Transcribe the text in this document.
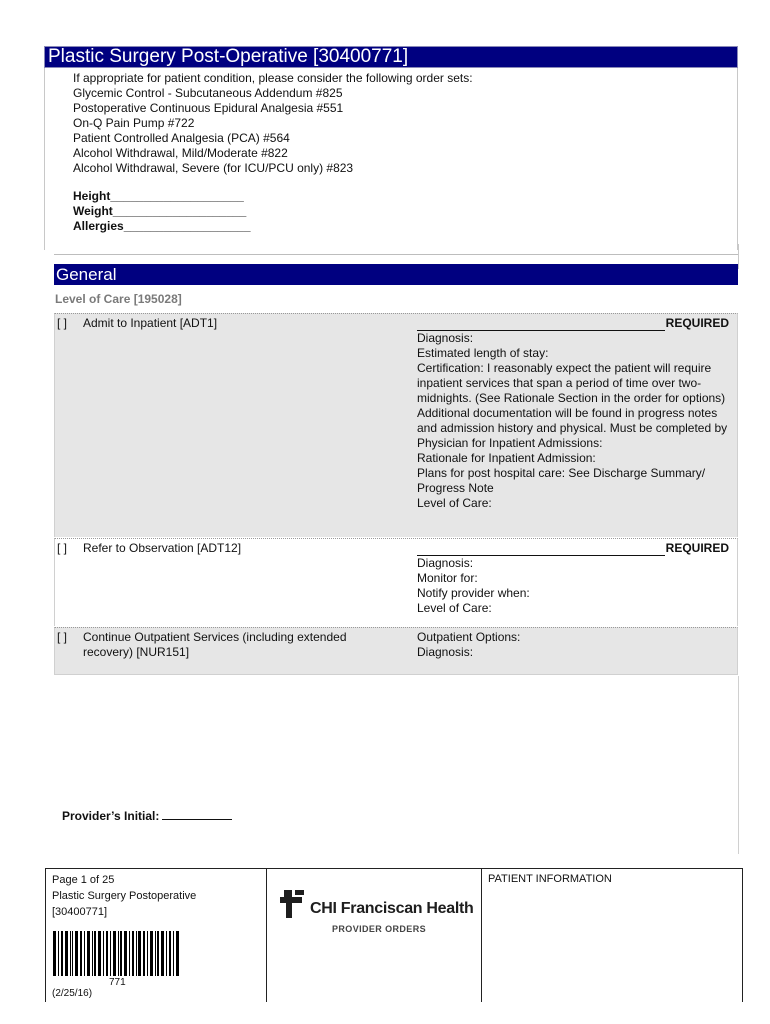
Plastic Surgery Post-Operative [30400771]
If appropriate for patient condition, please consider the following order sets:
Glycemic Control - Subcutaneous Addendum #825
Postoperative Continuous Epidural Analgesia #551
On-Q Pain Pump #722
Patient Controlled Analgesia (PCA) #564
Alcohol Withdrawal, Mild/Moderate #822
Alcohol Withdrawal, Severe (for ICU/PCU only) #823
Height____________________
Weight____________________
Allergies___________________
General
Level of Care [195028]
[ ] Admit to Inpatient [ADT1]	REQUIRED
Diagnosis:
Estimated length of stay:
Certification: I reasonably expect the patient will require inpatient services that span a period of time over two-midnights. (See Rationale Section in the order for options) Additional documentation will be found in progress notes and admission history and physical. Must be completed by Physician for Inpatient Admissions:
Rationale for Inpatient Admission:
Plans for post hospital care: See Discharge Summary/ Progress Note
Level of Care:
[ ] Refer to Observation [ADT12]	REQUIRED
Diagnosis:
Monitor for:
Notify provider when:
Level of Care:
[ ] Continue Outpatient Services (including extended recovery) [NUR151]
Outpatient Options:
Diagnosis:
Provider’s Initial:
Page 1 of 25
Plastic Surgery Postoperative
[30400771]
771
(2/25/16)
CHI Franciscan Health
PROVIDER ORDERS
PATIENT INFORMATION
